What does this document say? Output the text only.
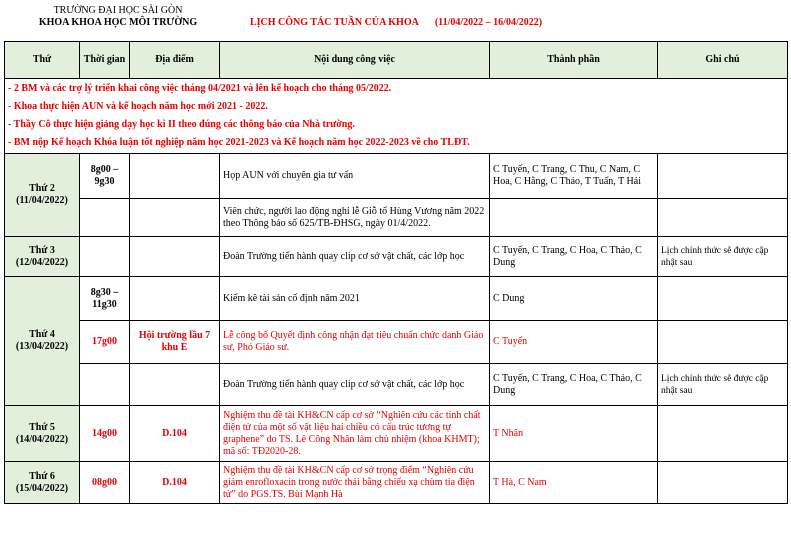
TRƯỜNG ĐẠI HỌC SÀI GÒN
KHOA KHOA HỌC MÔI TRƯỜNG	LỊCH CÔNG TÁC TUẦN CỦA KHOA (11/04/2022 – 16/04/2022)
Thứ	Thời gian	Địa điểm	Nội dung công việc	Thành phần	Ghi chú

- 2 BM và các trợ lý triển khai công việc tháng 04/2021 và lên kế hoạch cho tháng 05/2022.
- Khoa thực hiện AUN và kế hoạch năm học mới 2021 - 2022.
- Thầy Cô thực hiện giảng dạy học kì II theo đúng các thông báo của Nhà trường.
- BM nộp Kế hoạch Khóa luận tốt nghiệp năm học 2021-2023 và Kế hoạch năm học 2022-2023 về cho TLĐT.					

Thứ 2
(11/04/2022)	8g00 – 9g30		Họp AUN với chuyên gia tư vấn	C Tuyến, C Trang, C Thu, C Nam, C Hoa, C Hằng, C Thảo, T Tuấn, T Hải	
			Viên chức, người lao động nghỉ lễ Giỗ tổ Hùng Vương năm 2022 theo Thông báo số 625/TB-ĐHSG, ngày 01/4/2022.		

Thứ 3
(12/04/2022)			Đoàn Trường tiến hành quay clip cơ sở vật chất, các lớp học	C Tuyến, C Trang, C Hoa, C Thảo, C Dung	Lịch chính thức sẽ được cập nhật sau

Thứ 4
(13/04/2022)	8g30 – 11g30		Kiểm kê tài sản cố định năm 2021	C Dung	
	17g00	Hội trường lầu 7 khu E	Lễ công bố Quyết định công nhận đạt tiêu chuẩn chức danh Giáo sư, Phó Giáo sư.	C Tuyến	
			Đoàn Trường tiến hành quay clip cơ sở vật chất, các lớp học	C Tuyến, C Trang, C Hoa, C Thảo, C Dung	Lịch chính thức sẽ được cập nhật sau

Thứ 5
(14/04/2022)	14g00	D.104	Nghiệm thu đề tài KH&CN cấp cơ sở “Nghiên cứu các tính chất điện tử của một số vật liệu hai chiều có cấu trúc tương tự graphene” do TS. Lê Công Nhân làm chủ nhiệm (khoa KHMT); mã số: TĐ2020-28.	T Nhân	

Thứ 6
(15/04/2022)	08g00	D.104	Nghiệm thu đề tài KH&CN cấp cơ sở trọng điểm “Nghiên cứu giảm enrofloxacin trong nước thải bằng chiếu xạ chùm tia điện tử” do PGS.TS. Bùi Mạnh Hà	T Hà, C Nam	
